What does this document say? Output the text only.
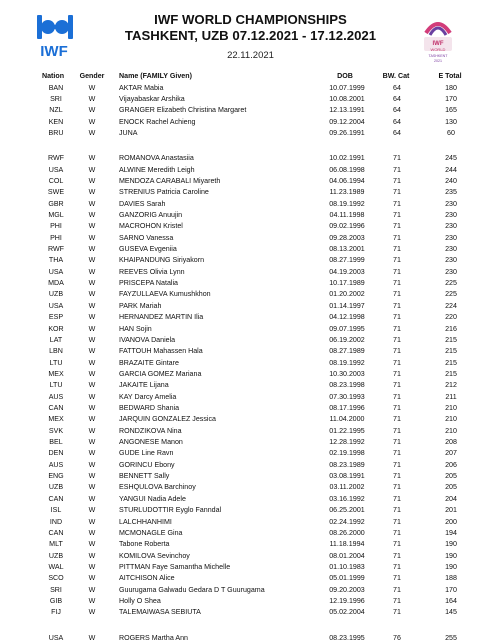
IWF	IWF
WORLD
TASHKENT
2021
IWF WORLD CHAMPIONSHIPS
TASHKENT, UZB 07.12.2021 - 17.12.2021
22.11.2021
Nation	Gender	Name (FAMILY Given)	DOB	BW. Cat	E Total
BAN	W	AKTAR Mabia	10.07.1999	64	180
SRI	W	Vijayabaskar Arshika	10.08.2001	64	170
NZL	W	GRANGER Elizabeth Christina Margaret	12.13.1991	64	165
KEN	W	ENOCK Rachel Achieng	09.12.2004	64	130
BRU	W	JUNA	09.26.1991	64	60
RWF	W	ROMANOVA Anastasiia	10.02.1991	71	245
USA	W	ALWINE Meredith Leigh	06.08.1998	71	244
COL	W	MENDOZA CARABALI Miyareth	04.06.1994	71	240
SWE	W	STRENIUS Patricia Caroline	11.23.1989	71	235
GBR	W	DAVIES Sarah	08.19.1992	71	230
MGL	W	GANZORIG Anuujin	04.11.1998	71	230
PHI	W	MACROHON Kristel	09.02.1996	71	230
PHI	W	SARNO Vanessa	09.28.2003	71	230
RWF	W	GUSEVA Evgeniia	08.13.2001	71	230
THA	W	KHAIPANDUNG Siriyakorn	08.27.1999	71	230
USA	W	REEVES Olivia Lynn	04.19.2003	71	230
MDA	W	PRISCEPA Natalia	10.17.1989	71	225
UZB	W	FAYZULLAEVA Kumushkhon	01.20.2002	71	225
USA	W	PARK Mariah	01.14.1997	71	224
ESP	W	HERNANDEZ MARTIN Ilia	04.12.1998	71	220
KOR	W	HAN Sojin	09.07.1995	71	216
LAT	W	IVANOVA Daniela	06.19.2002	71	215
LBN	W	FATTOUH Mahassen Hala	08.27.1989	71	215
LTU	W	BRAZAITE Gintare	08.19.1992	71	215
MEX	W	GARCIA GOMEZ Mariana	10.30.2003	71	215
LTU	W	JAKAITE Lijana	08.23.1998	71	212
AUS	W	KAY Darcy Amelia	07.30.1993	71	211
CAN	W	BEDWARD Shania	08.17.1996	71	210
MEX	W	JARQUIN GONZALEZ Jessica	11.04.2000	71	210
SVK	W	RONDZIKOVA Nina	01.22.1995	71	210
BEL	W	ANGONESE Manon	12.28.1992	71	208
DEN	W	GUDE Line Ravn	02.19.1998	71	207
AUS	W	GORINCU Ebony	08.23.1989	71	206
ENG	W	BENNETT Sally	03.08.1991	71	205
UZB	W	ESHQULOVA Barchinoy	03.11.2002	71	205
CAN	W	YANGUI Nadia Adele	03.16.1992	71	204
ISL	W	STURLUDOTTIR Eyglo Fanndal	06.25.2001	71	201
IND	W	LALCHHANHIMI	02.24.1992	71	200
CAN	W	MCMONAGLE Gina	08.26.2000	71	194
MLT	W	Tabone Roberta	11.18.1994	71	190
UZB	W	KOMILOVA Sevinchoy	08.01.2004	71	190
WAL	W	PITTMAN Faye Samantha Michelle	01.10.1983	71	190
SCO	W	AITCHISON Alice	05.01.1999	71	188
SRI	W	Guurugama Galwadu Gedara D T Guurugama	09.20.2003	71	170
GIB	W	Holly O Shea	12.19.1996	71	164
FIJ	W	TALEMAIWASA SEBIUTA	05.02.2004	71	145
USA	W	ROGERS Martha Ann	08.23.1995	76	255
